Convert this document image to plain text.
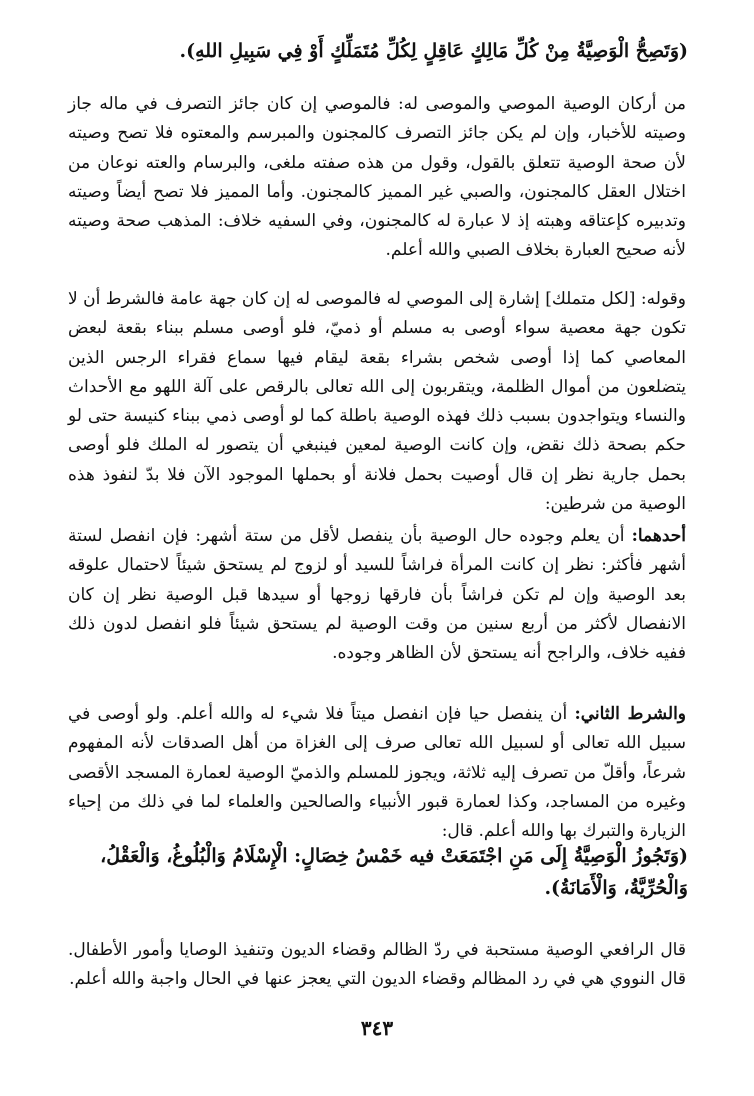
(وَتَصِحُّ الْوَصِيَّةُ مِنْ كُلِّ مَالِكٍ عَاقِلٍ لِكُلِّ مُتَمَلِّكٍ أَوْ فِي سَبِيلِ اللهِ).

من أركان الوصية الموصي والموصى له: فالموصي إن كان جائز التصرف في ماله جاز وصيته للأخبار، وإن لم يكن جائز التصرف كالمجنون والمبرسم والمعتوه فلا تصح وصيته لأن صحة الوصية تتعلق بالقول، وقول من هذه صفته ملغى، والبرسام والعته نوعان من اختلال العقل كالمجنون، والصبي غير المميز كالمجنون. وأما المميز فلا تصح أيضاً وصيته وتدبيره كإعتاقه وهبته إذ لا عبارة له كالمجنون، وفي السفيه خلاف: المذهب صحة وصيته لأنه صحيح العبارة بخلاف الصبي والله أعلم.

وقوله: [لكل متملك] إشارة إلى الموصي له فالموصى له إن كان جهة عامة فالشرط أن لا تكون جهة معصية سواء أوصى به مسلم أو ذميّ، فلو أوصى مسلم ببناء بقعة لبعض المعاصي كما إذا أوصى شخص بشراء بقعة ليقام فيها سماع فقراء الرجس الذين يتضلعون من أموال الظلمة، ويتقربون إلى الله تعالى بالرقص على آلة اللهو مع الأحداث والنساء ويتواجدون بسبب ذلك فهذه الوصية باطلة كما لو أوصى ذمي ببناء كنيسة حتى لو حكم بصحة ذلك نقض، وإن كانت الوصية لمعين فينبغي أن يتصور له الملك فلو أوصى بحمل جارية نظر إن قال أوصيت بحمل فلانة أو بحملها الموجود الآن فلا بدّ لنفوذ هذه الوصية من شرطين:

أحدهما: أن يعلم وجوده حال الوصية بأن ينفصل لأقل من ستة أشهر: فإن انفصل لستة أشهر فأكثر: نظر إن كانت المرأة فراشاً للسيد أو لزوج لم يستحق شيئاً لاحتمال علوقه بعد الوصية وإن لم تكن فراشاً بأن فارقها زوجها أو سيدها قبل الوصية نظر إن كان الانفصال لأكثر من أربع سنين من وقت الوصية لم يستحق شيئاً فلو انفصل لدون ذلك ففيه خلاف، والراجح أنه يستحق لأن الظاهر وجوده.

والشرط الثاني: أن ينفصل حيا فإن انفصل ميتاً فلا شيء له والله أعلم. ولو أوصى في سبيل الله تعالى أو لسبيل الله تعالى صرف إلى الغزاة من أهل الصدقات لأنه المفهوم شرعاً، وأقلّ من تصرف إليه ثلاثة، ويجوز للمسلم والذميّ الوصية لعمارة المسجد الأقصى وغيره من المساجد، وكذا لعمارة قبور الأنبياء والصالحين والعلماء لما في ذلك من إحياء الزيارة والتبرك بها والله أعلم. قال:

(وَتَجُوزُ الْوَصِيَّةُ إِلَى مَنِ اجْتَمَعَتْ فيه خَمْسُ خِصَالٍ: الْإِسْلَامُ وَالْبُلُوغُ، وَالْعَقْلُ، وَالْحُرِّيَّةُ، وَالْأَمَانَةُ).

قال الرافعي الوصية مستحبة في ردّ الظالم وقضاء الديون وتنفيذ الوصايا وأمور الأطفال. قال النووي هي في رد المظالم وقضاء الديون التي يعجز عنها في الحال واجبة والله أعلم.

٣٤٣
